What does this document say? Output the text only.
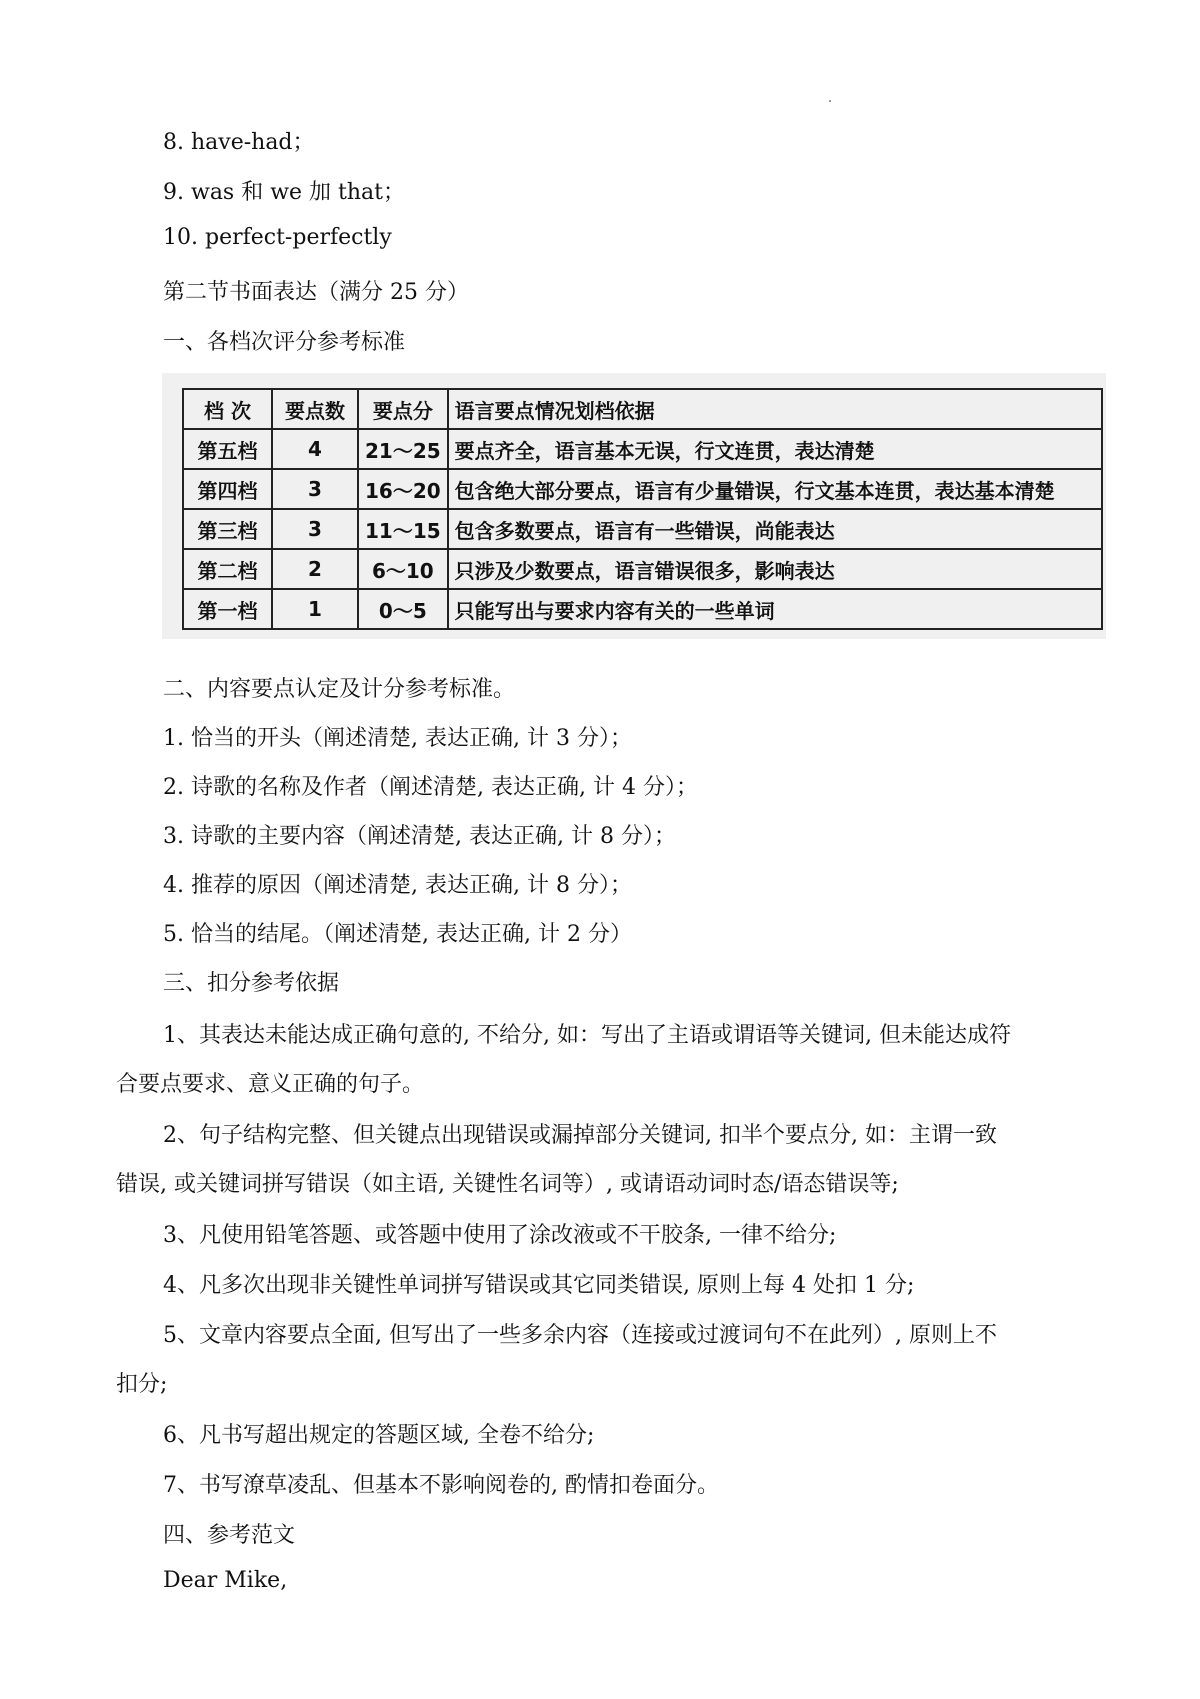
8. have-had；
9. was 和 we 加 that；
10. perfect-perfectly
第二节书面表达（满分 25 分）
一、各档次评分参考标准
档 次	要点数	要点分	语言要点情况划档依据
第五档	4	21～25	要点齐全，语言基本无误，行文连贯，表达清楚
第四档	3	16～20	包含绝大部分要点，语言有少量错误，行文基本连贯，表达基本清楚
第三档	3	11～15	包含多数要点，语言有一些错误，尚能表达
第二档	2	6～10	只涉及少数要点，语言错误很多，影响表达
第一档	1	0～5	只能写出与要求内容有关的一些单词
二、内容要点认定及计分参考标准。
1. 恰当的开头（阐述清楚, 表达正确, 计 3 分）；
2. 诗歌的名称及作者（阐述清楚, 表达正确, 计 4 分）；
3. 诗歌的主要内容（阐述清楚, 表达正确, 计 8 分）；
4. 推荐的原因（阐述清楚, 表达正确, 计 8 分）；
5. 恰当的结尾。（阐述清楚, 表达正确, 计 2 分）
三、扣分参考依据
1、其表达未能达成正确句意的, 不给分, 如：写出了主语或谓语等关键词, 但未能达成符
合要点要求、意义正确的句子。
2、句子结构完整、但关键点出现错误或漏掉部分关键词, 扣半个要点分, 如：主谓一致
错误, 或关键词拼写错误（如主语, 关键性名词等）, 或请语动词时态/语态错误等;
3、凡使用铅笔答题、或答题中使用了涂改液或不干胶条, 一律不给分;
4、凡多次出现非关键性单词拼写错误或其它同类错误, 原则上每 4 处扣 1 分;
5、文章内容要点全面, 但写出了一些多余内容（连接或过渡词句不在此列）, 原则上不
扣分;
6、凡书写超出规定的答题区域, 全卷不给分;
7、书写潦草凌乱、但基本不影响阅卷的, 酌情扣卷面分。
四、参考范文
Dear Mike,
